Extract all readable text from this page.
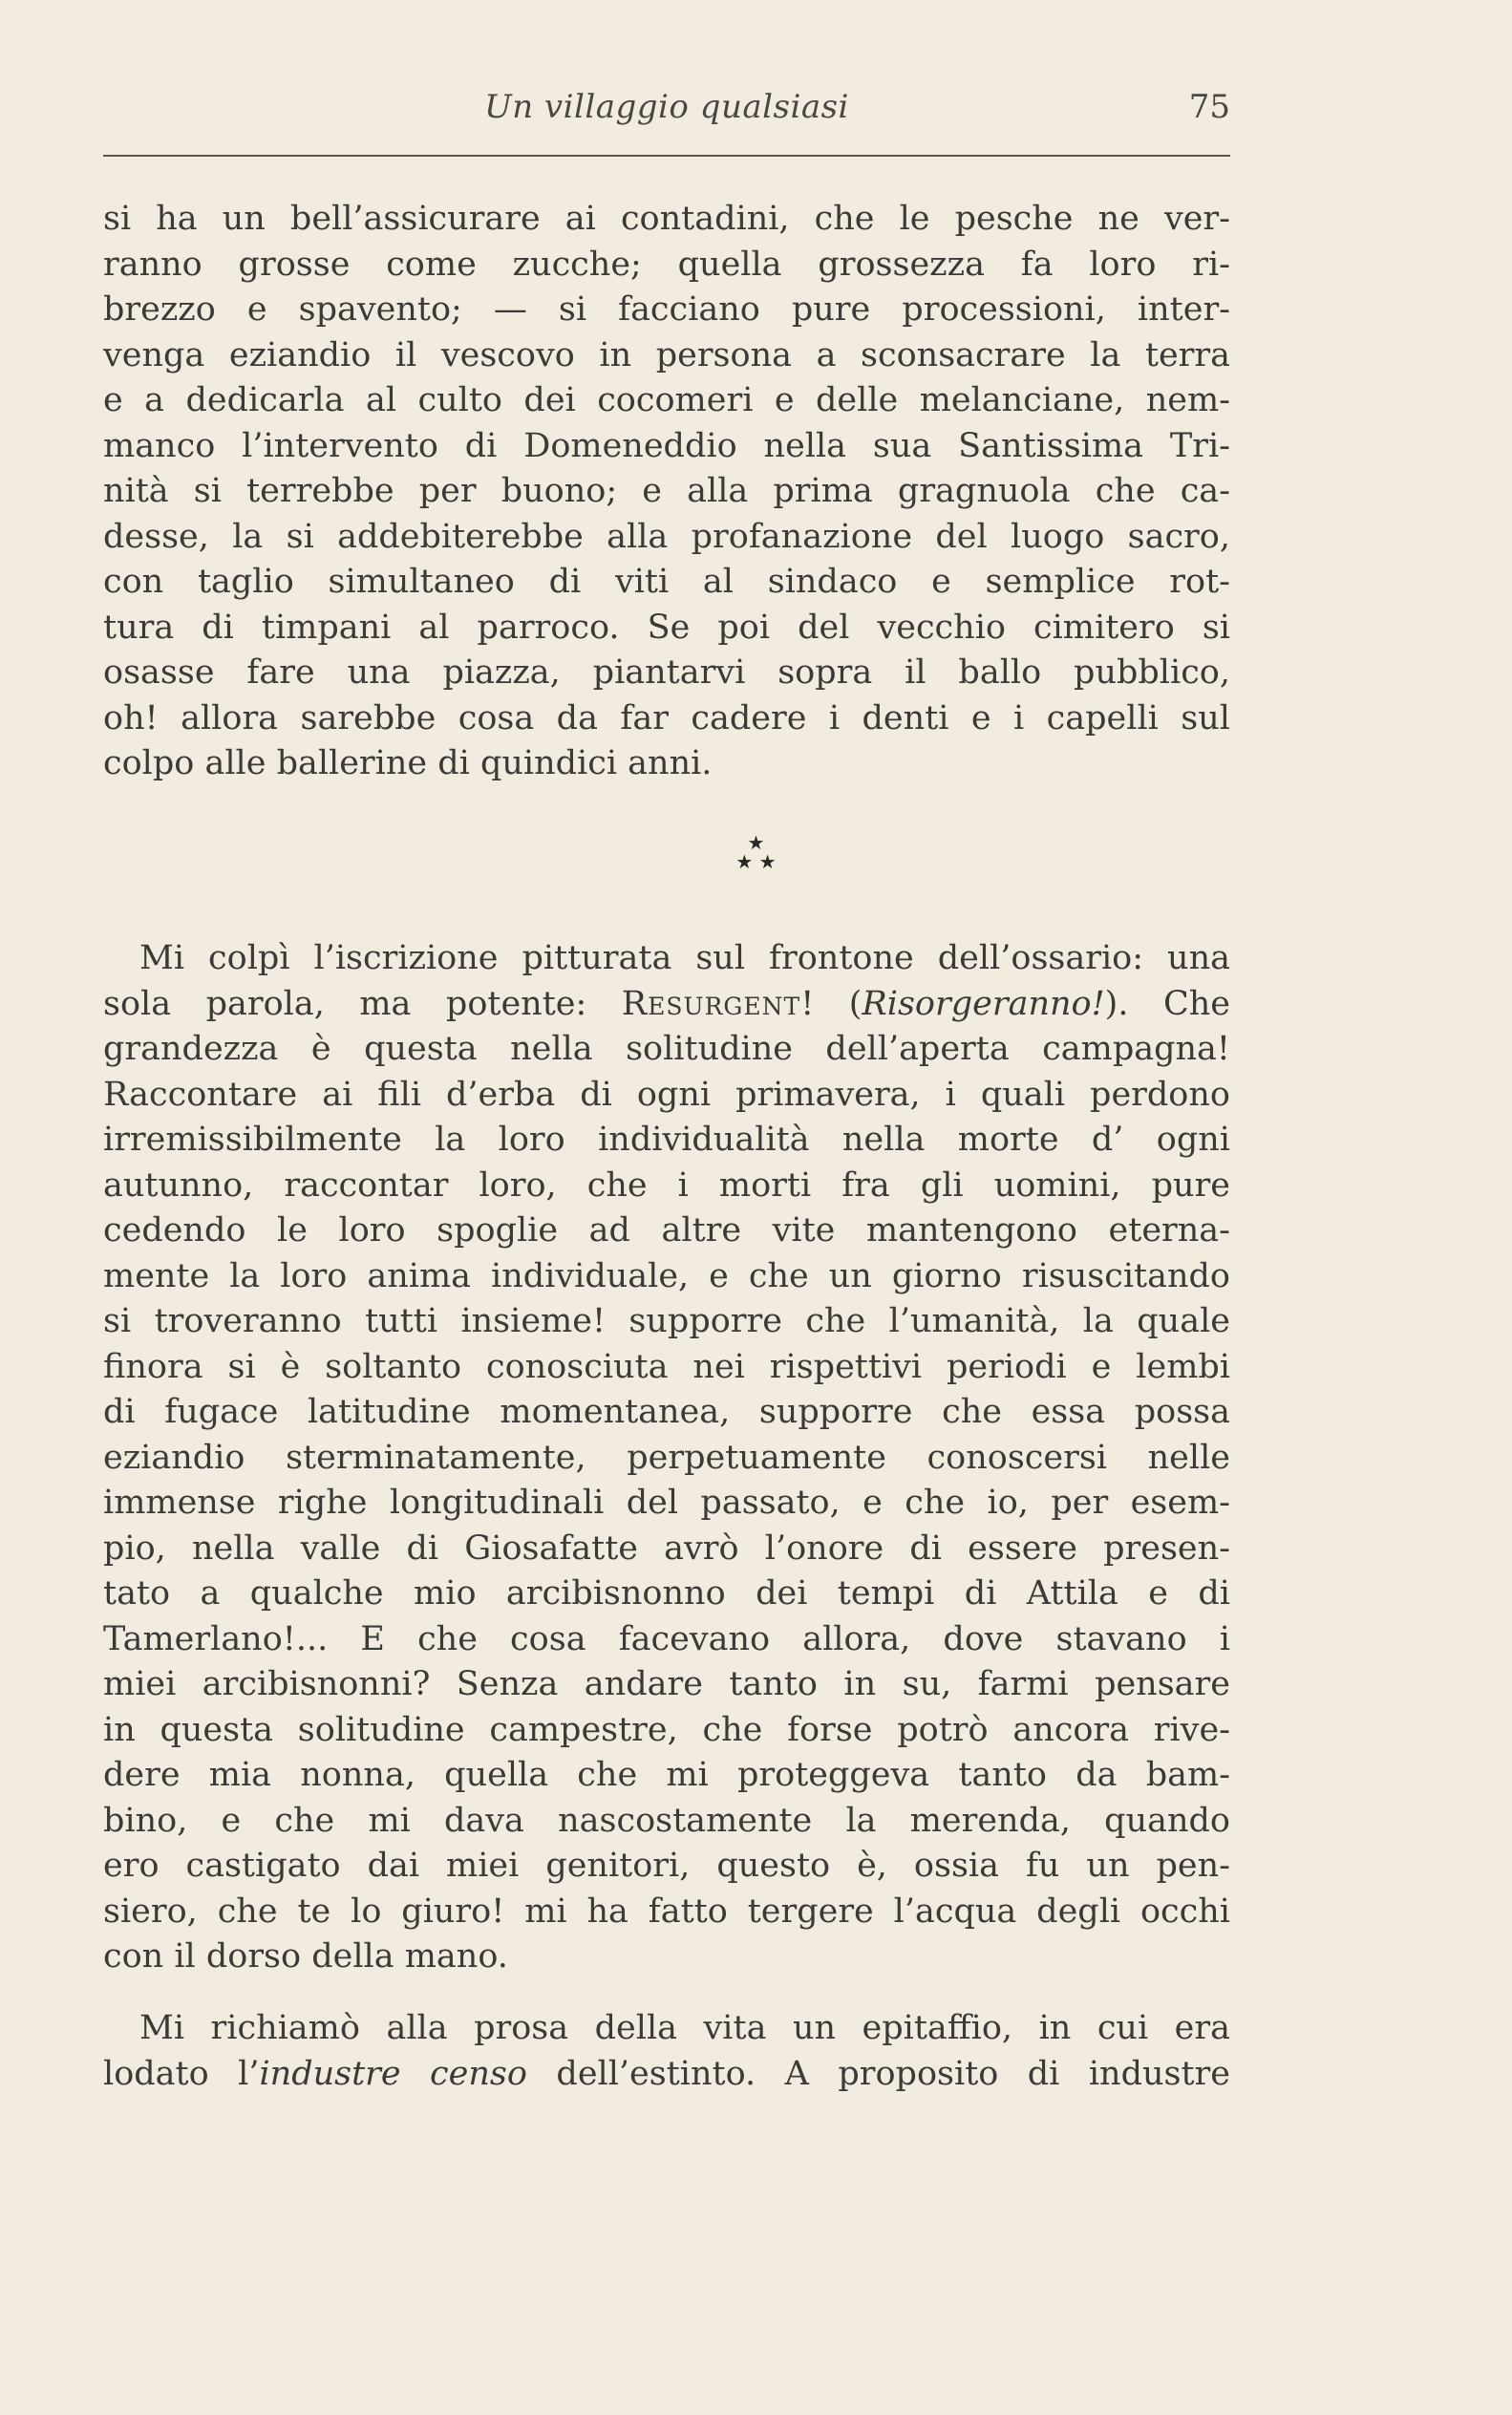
Un villaggio qualsiasi	75
si ha un bell’assicurare ai contadini, che le pesche ne ver-
ranno grosse come zucche; quella grossezza fa loro ri-
brezzo e spavento; — si facciano pure processioni, inter-
venga eziandio il vescovo in persona a sconsacrare la terra
e a dedicarla al culto dei cocomeri e delle melanciane, nem-
manco l’intervento di Domeneddio nella sua Santissima Tri-
nità si terrebbe per buono; e alla prima gragnuola che ca-
desse, la si addebiterebbe alla profanazione del luogo sacro,
con taglio simultaneo di viti al sindaco e semplice rot-
tura di timpani al parroco. Se poi del vecchio cimitero si
osasse fare una piazza, piantarvi sopra il ballo pubblico,
oh! allora sarebbe cosa da far cadere i denti e i capelli sul
colpo alle ballerine di quindici anni.
★
★ ★
Mi colpì l’iscrizione pitturata sul frontone dell’ossario: una
sola parola, ma potente: Resurgent! (Risorgeranno!). Che
grandezza è questa nella solitudine dell’aperta campagna!
Raccontare ai fili d’erba di ogni primavera, i quali perdono
irremissibilmente la loro individualità nella morte d’ ogni
autunno, raccontar loro, che i morti fra gli uomini, pure
cedendo le loro spoglie ad altre vite mantengono eterna-
mente la loro anima individuale, e che un giorno risuscitando
si troveranno tutti insieme! supporre che l’umanità, la quale
finora si è soltanto conosciuta nei rispettivi periodi e lembi
di fugace latitudine momentanea, supporre che essa possa
eziandio sterminatamente, perpetuamente conoscersi nelle
immense righe longitudinali del passato, e che io, per esem-
pio, nella valle di Giosafatte avrò l’onore di essere presen-
tato a qualche mio arcibisnonno dei tempi di Attila e di
Tamerlano!... E che cosa facevano allora, dove stavano i
miei arcibisnonni? Senza andare tanto in su, farmi pensare
in questa solitudine campestre, che forse potrò ancora rive-
dere mia nonna, quella che mi proteggeva tanto da bam-
bino, e che mi dava nascostamente la merenda, quando
ero castigato dai miei genitori, questo è, ossia fu un pen-
siero, che te lo giuro! mi ha fatto tergere l’acqua degli occhi
con il dorso della mano.
Mi richiamò alla prosa della vita un epitaffio, in cui era
lodato l’industre censo dell’estinto. A proposito di industre
